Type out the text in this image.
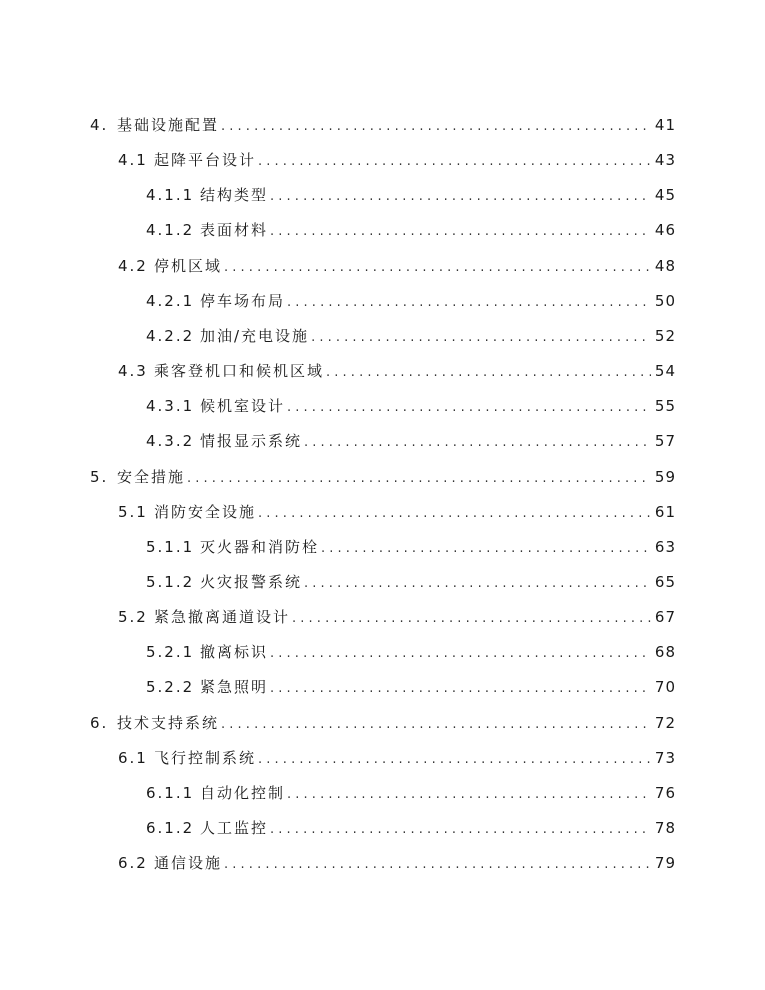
4. 基础设施配置 . . .	41
4.1 起降平台设计 . . .	43
4.1.1 结构类型 . . .	45
4.1.2 表面材料 . . .	46
4.2 停机区域 . . .	48
4.2.1 停车场布局 . . .	50
4.2.2 加油/充电设施 . . .	52
4.3 乘客登机口和候机区域 . . .	54
4.3.1 候机室设计 . . .	55
4.3.2 情报显示系统 . . .	57
5. 安全措施 . . .	59
5.1 消防安全设施 . . .	61
5.1.1 灭火器和消防栓 . . .	63
5.1.2 火灾报警系统 . . .	65
5.2 紧急撤离通道设计 . . .	67
5.2.1 撤离标识 . . .	68
5.2.2 紧急照明 . . .	70
6. 技术支持系统 . . .	72
6.1 飞行控制系统 . . .	73
6.1.1 自动化控制 . . .	76
6.1.2 人工监控 . . .	78
6.2 通信设施 . . .	79
